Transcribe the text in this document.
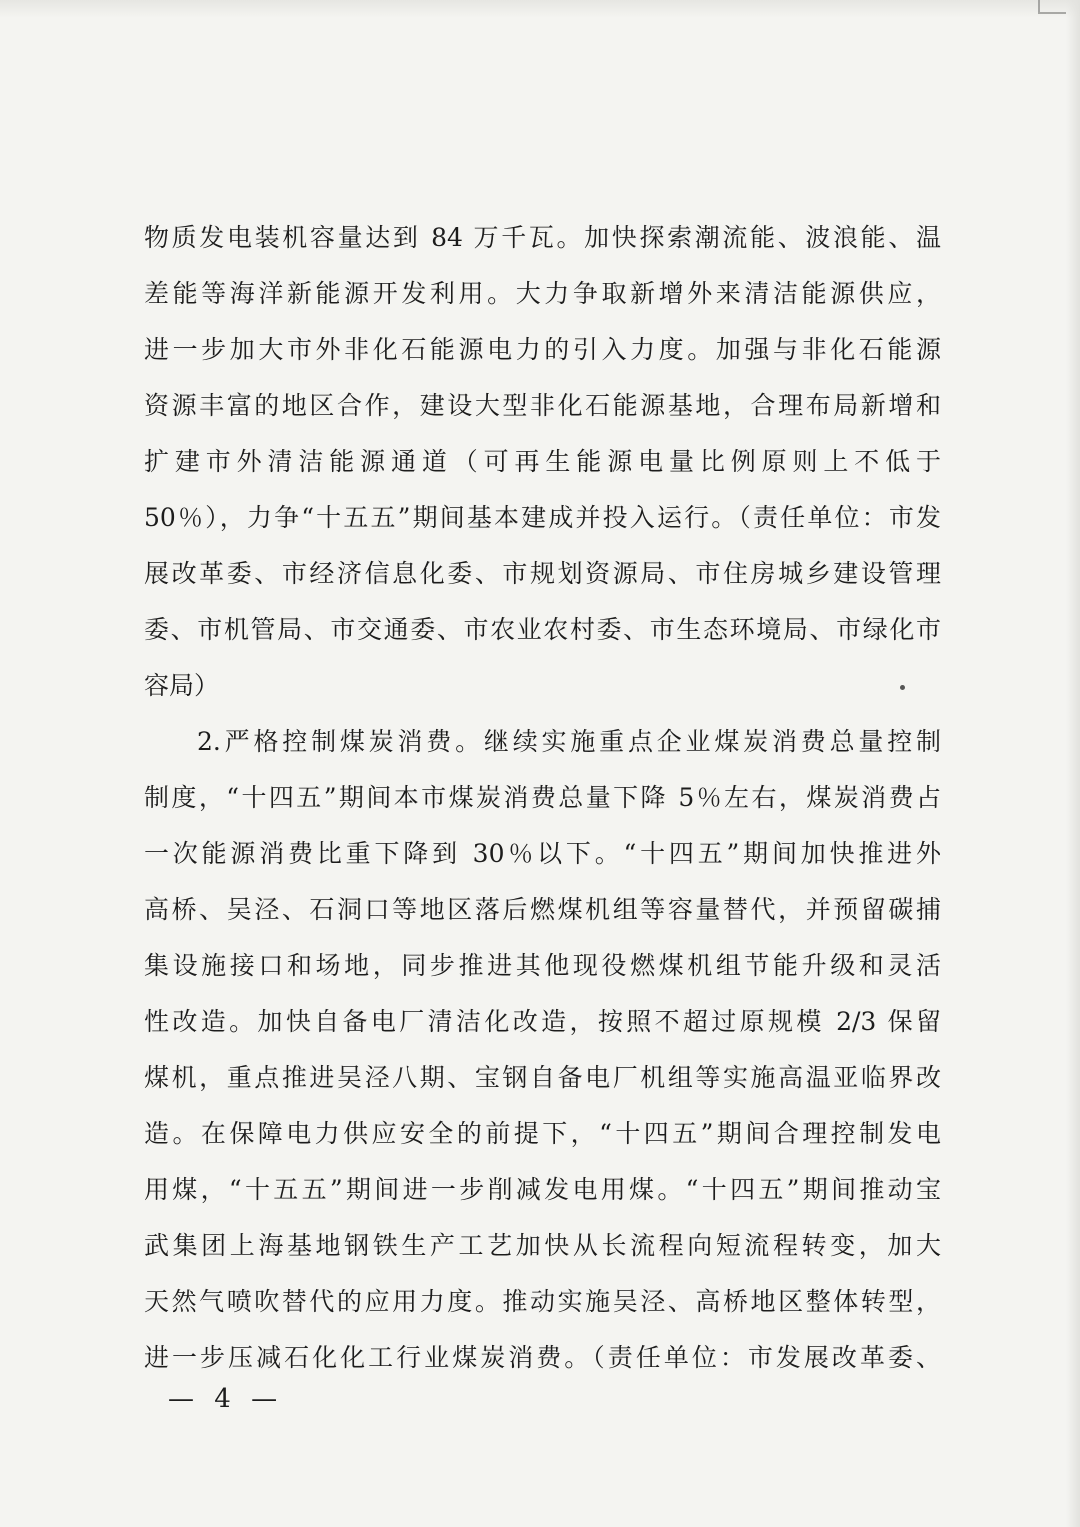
物质发电装机容量达到 84 万千瓦。加快探索潮流能、波浪能、温
差能等海洋新能源开发利用。大力争取新增外来清洁能源供应，
进一步加大市外非化石能源电力的引入力度。加强与非化石能源
资源丰富的地区合作，建设大型非化石能源基地，合理布局新增和
扩建市外清洁能源通道（可再生能源电量比例原则上不低于
50％），力争“十五五”期间基本建成并投入运行。（责任单位：市发
展改革委、市经济信息化委、市规划资源局、市住房城乡建设管理
委、市机管局、市交通委、市农业农村委、市生态环境局、市绿化市
容局）
2.严格控制煤炭消费。继续实施重点企业煤炭消费总量控制
制度，“十四五”期间本市煤炭消费总量下降 5％左右，煤炭消费占
一次能源消费比重下降到 30％以下。“十四五”期间加快推进外
高桥、吴泾、石洞口等地区落后燃煤机组等容量替代，并预留碳捕
集设施接口和场地，同步推进其他现役燃煤机组节能升级和灵活
性改造。加快自备电厂清洁化改造，按照不超过原规模 2/3 保留
煤机，重点推进吴泾八期、宝钢自备电厂机组等实施高温亚临界改
造。在保障电力供应安全的前提下，“十四五”期间合理控制发电
用煤，“十五五”期间进一步削减发电用煤。“十四五”期间推动宝
武集团上海基地钢铁生产工艺加快从长流程向短流程转变，加大
天然气喷吹替代的应用力度。推动实施吴泾、高桥地区整体转型，
进一步压减石化化工行业煤炭消费。（责任单位：市发展改革委、
— 4 —
